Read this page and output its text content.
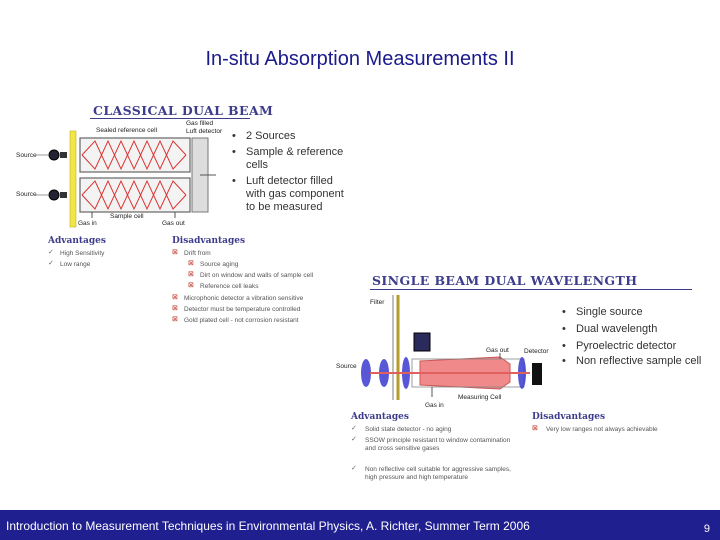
In-situ Absorption Measurements II
CLASSICAL DUAL BEAM
Sealed reference cell
Gas filled
Luft detector
Source
Source
Gas in
Sample cell
Gas out
• 2 Sources
• Sample & reference cells
• Luft detector filled with gas component to be measured
Advantages
✓ High Sensitivity
✓ Low range
Disadvantages
⊠ Drift from
⊠ Source aging
⊠ Dirt on window and walls of sample cell
⊠ Reference cell leaks
⊠ Microphonic detector a vibration sensitive
⊠ Detector must be temperature controlled
⊠ Gold plated cell - not corrosion resistant
SINGLE BEAM DUAL WAVELENGTH
Filter
Source
Gas out Detector
Gas in
Measuring Cell
• Single source
• Dual wavelength
• Pyroelectric detector
• Non reflective sample cell
Advantages
✓ Solid state detector - no aging
✓ SSOW principle resistant to window contamination and cross sensitive gases
✓ Non reflective cell suitable for aggressive samples, high pressure and high temperature
Disadvantages
⊠ Very low ranges not always achievable
Introduction to Measurement Techniques in Environmental Physics, A. Richter, Summer Term 2006	9
